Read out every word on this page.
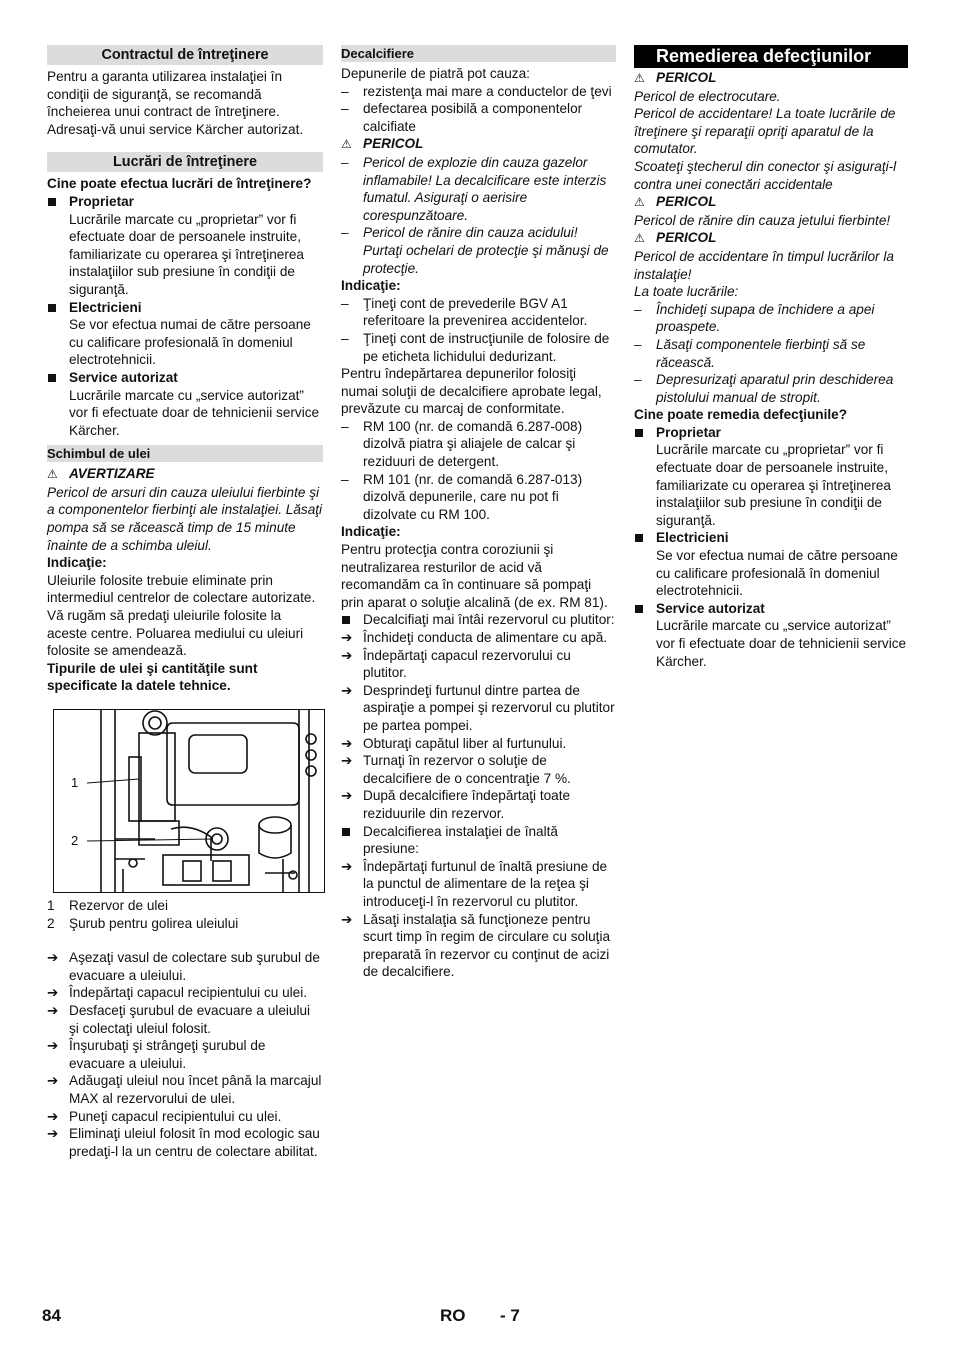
Contractul de întreţinere

Pentru a garanta utilizarea instalaţiei în condiţii de siguranţă, se recomandă încheierea unui contract de întreţinere. Adresaţi-vă unui service Kärcher autorizat.

Lucrări de întreţinere

Cine poate efectua lucrări de întreţinere?

Proprietar
Lucrările marcate cu „proprietar” vor fi efectuate doar de persoanele instruite, familiarizate cu operarea şi întreţinerea instalaţiilor sub presiune în condiţii de siguranţă.
Electricieni
Se vor efectua numai de către persoane cu calificare profesională în domeniul electrotehnicii.
Service autorizat
Lucrările marcate cu „service autorizat” vor fi efectuate doar de tehnicienii service Kärcher.
Schimbul de ulei

⚠ AVERTIZARE

Pericol de arsuri din cauza uleiului fierbinte şi a componentelor fierbinţi ale instalaţiei. Lăsaţi pompa să se răcească timp de 15 minute înainte de a schimba uleiul.

Indicaţie:

Uleiurile folosite trebuie eliminate prin intermediul centrelor de colectare autorizate. Vă rugăm să predaţi uleiurile folosite la aceste centre. Poluarea mediului cu uleiuri folosite se amendează.

Tipurile de ulei şi cantităţile sunt specificate la datele tehnice.

1
2
1 Rezervor de ulei
2 Şurub pentru golirea uleiului
➔ Aşezaţi vasul de colectare sub şurubul de evacuare a uleiului.
➔ Îndepărtaţi capacul recipientului cu ulei.
➔ Desfaceţi şurubul de evacuare a uleiului şi colectaţi uleiul folosit.
➔ Înşurubaţi şi strângeţi şurubul de evacuare a uleiului.
➔ Adăugaţi uleiul nou încet până la marcajul MAX al rezervorului de ulei.
➔ Puneţi capacul recipientului cu ulei.
➔ Eliminaţi uleiul folosit în mod ecologic sau predaţi-l la un centru de colectare abilitat.
Decalcifiere

Depunerile de piatră pot cauza:

–	rezistenţa mai mare a conductelor de ţevi
–	defectarea posibilă a componentelor calcifiate

⚠ PERICOL

–	Pericol de explozie din cauza gazelor inflamabile! La decalcificare este interzis fumatul. Asiguraţi o aerisire corespunzătoare.
–	Pericol de rănire din cauza acidului! Purtaţi ochelari de protecţie şi mănuşi de protecţie.

Indicaţie:

–	Ţineţi cont de prevederile BGV A1 referitoare la prevenirea accidentelor.
–	Ţineţi cont de instrucţiunile de folosire de pe eticheta lichidului dedurizant.

Pentru îndepărtarea depunerilor folosiţi numai soluţii de decalcifiere aprobate legal, prevăzute cu marcaj de conformitate.

–	RM 100 (nr. de comandă 6.287-008) dizolvă piatra şi aliajele de calcar şi reziduuri de detergent.
–	RM 101 (nr. de comandă 6.287-013) dizolvă depunerile, care nu pot fi dizolvate cu RM 100.

Indicaţie:

Pentru protecţia contra coroziunii şi neutralizarea resturilor de acid vă recomandăm ca în continuare să pompaţi prin aparat o soluţie alcalină (de ex. RM 81).

Decalcifiaţi mai întâi rezervorul cu plutitor:
➔ Închideţi conducta de alimentare cu apă.
➔ Îndepărtaţi capacul rezervorului cu plutitor.
➔ Desprindeţi furtunul dintre partea de aspiraţie a pompei şi rezervorul cu plutitor pe partea pompei.
➔ Obturaţi capătul liber al furtunului.
➔ Turnaţi în rezervor o soluţie de decalcifiere de o concentraţie 7 %.
➔ După decalcifiere îndepărtaţi toate reziduurile din rezervor.
Decalcifierea instalaţiei de înaltă presiune:
➔ Îndepărtaţi furtunul de înaltă presiune de la punctul de alimentare de la reţea şi introduceţi-l în rezervorul cu plutitor.
➔ Lăsaţi instalaţia să funcţioneze pentru scurt timp în regim de circulare cu soluţia preparată în rezervor cu conţinut de acizi de decalcifiere.
Remedierea defecţiunilor

⚠ PERICOL

Pericol de electrocutare.

Pericol de accidentare! La toate lucrările de îtreţinere şi reparaţii opriţi aparatul de la comutator.

Scoateţi ştecherul din conector şi asiguraţi-l contra unei conectări accidentale

⚠ PERICOL

Pericol de rănire din cauza jetului fierbinte!

⚠ PERICOL

Pericol de accidentare în timpul lucrărilor la instalaţie!

La toate lucrările:

–	Închideţi supapa de închidere a apei proaspete.
–	Lăsaţi componentele fierbinţi să se răcească.
–	Depresurizaţi aparatul prin deschiderea pistolului manual de stropit.

Cine poate remedia defecţiunile?

Proprietar
Lucrările marcate cu „proprietar” vor fi efectuate doar de persoanele instruite, familiarizate cu operarea şi întreţinerea instalaţiilor sub presiune în condiţii de siguranţă.
Electricieni
Se vor efectua numai de către persoane cu calificare profesională în domeniul electrotehnicii.
Service autorizat
Lucrările marcate cu „service autorizat” vor fi efectuate doar de tehnicienii service Kärcher.
84	RO - 7
